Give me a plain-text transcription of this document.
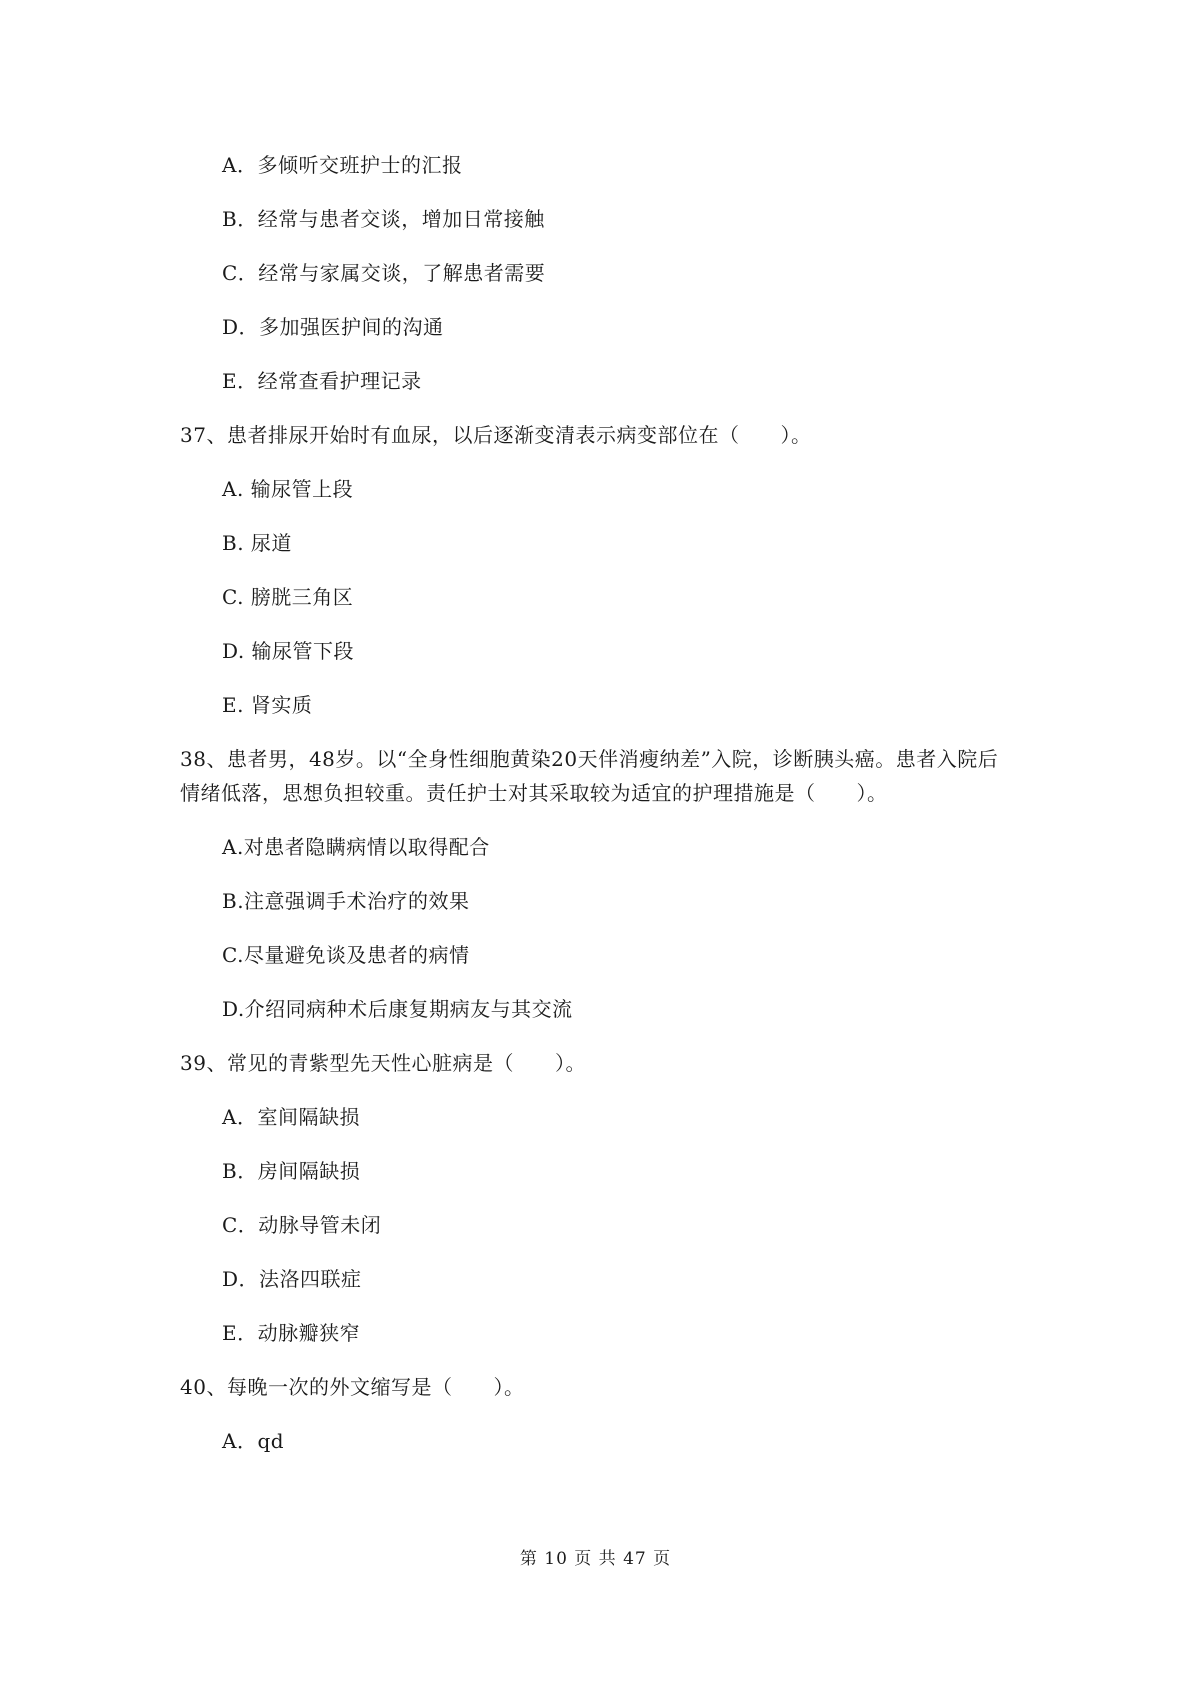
A．多倾听交班护士的汇报
B．经常与患者交谈，增加日常接触
C．经常与家属交谈，了解患者需要
D．多加强医护间的沟通
E．经常查看护理记录
37、患者排尿开始时有血尿，以后逐渐变清表示病变部位在（　　）。
A. 输尿管上段
B. 尿道
C. 膀胱三角区
D. 输尿管下段
E. 肾实质
38、患者男，48岁。以“全身性细胞黄染20天伴消瘦纳差”入院，诊断胰头癌。患者入院后
情绪低落，思想负担较重。责任护士对其采取较为适宜的护理措施是（　　）。
A.对患者隐瞒病情以取得配合
B.注意强调手术治疗的效果
C.尽量避免谈及患者的病情
D.介绍同病种术后康复期病友与其交流
39、常见的青紫型先天性心脏病是（　　）。
A．室间隔缺损
B．房间隔缺损
C．动脉导管未闭
D．法洛四联症
E．动脉瓣狭窄
40、每晚一次的外文缩写是（　　）。
A．qd
第 10 页 共 47 页
